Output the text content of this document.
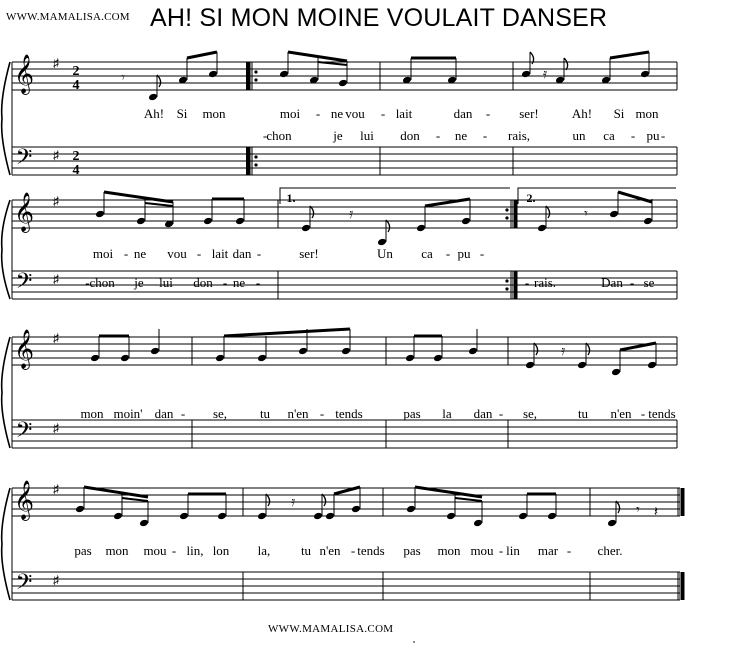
WWW.MAMALISA.COM AH! SI MON MOINE VOULAIT DANSER
𝄞
𝄢
♯
♯
2
4
2
4
𝄞
𝄢
♯
♯
𝄞
𝄢
♯
♯
𝄞
𝄢
♯
♯
1.	2.
𝄾	𝄿
𝄿	𝄾
𝄿
𝄿
𝄾 𝄽
Ah! Si mon	moi - ne vou - lait	dan - ser!	Ah! Si mon
- chon	je lui don - ne - rais,	un ca - pu -
moi - ne vou - lait dan -	ser!	Un ca - pu -
-chon je lui don - ne -	- rais.	Dan - se
mon moin' dan - se,	tu n'en - tends	pas la dan - se,	tu n'en - tends
pas mon mou - lin, lon la, tu n'en - tends pas mon mou - lin mar - cher.
WWW.MAMALISA.COM
